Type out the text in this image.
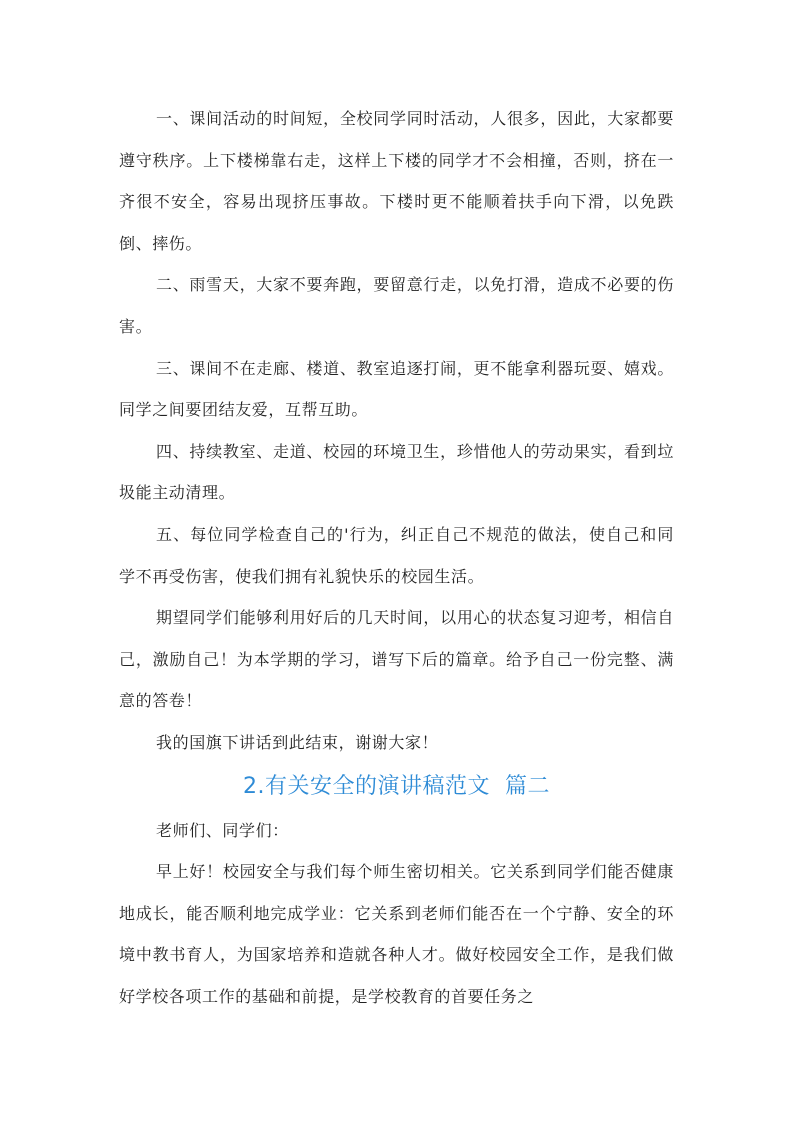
一、课间活动的时间短，全校同学同时活动，人很多，因此，大家都要遵守秩序。上下楼梯靠右走，这样上下楼的同学才不会相撞，否则，挤在一齐很不安全，容易出现挤压事故。下楼时更不能顺着扶手向下滑，以免跌倒、摔伤。

二、雨雪天，大家不要奔跑，要留意行走，以免打滑，造成不必要的伤害。

三、课间不在走廊、楼道、教室追逐打闹，更不能拿利器玩耍、嬉戏。同学之间要团结友爱，互帮互助。

四、持续教室、走道、校园的环境卫生，珍惜他人的劳动果实，看到垃圾能主动清理。

五、每位同学检查自己的'行为，纠正自己不规范的做法，使自己和同学不再受伤害，使我们拥有礼貌快乐的校园生活。

期望同学们能够利用好后的几天时间，以用心的状态复习迎考，相信自己，激励自己！为本学期的学习，谱写下后的篇章。给予自己一份完整、满意的答卷！

我的国旗下讲话到此结束，谢谢大家！

2.有关安全的演讲稿范文  篇二

老师们、同学们：

早上好！校园安全与我们每个师生密切相关。它关系到同学们能否健康地成长，能否顺利地完成学业：它关系到老师们能否在一个宁静、安全的环境中教书育人，为国家培养和造就各种人才。做好校园安全工作，是我们做好学校各项工作的基础和前提，是学校教育的首要任务之
